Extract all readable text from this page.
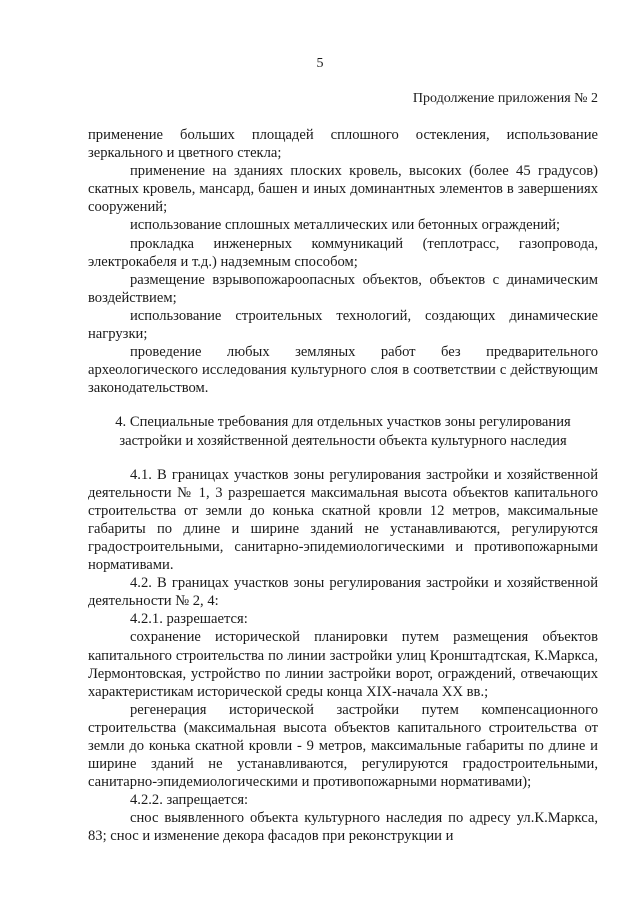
5
Продолжение приложения № 2

применение больших площадей сплошного остекления, использование зеркального и цветного стекла;

применение на зданиях плоских кровель, высоких (более 45 градусов) скатных кровель, мансард, башен и иных доминантных элементов в завершениях сооружений;

использование сплошных металлических или бетонных ограждений;

прокладка инженерных коммуникаций (теплотрасс, газопровода, электрокабеля и т.д.) надземным способом;

размещение взрывопожароопасных объектов, объектов с динамическим воздействием;

использование строительных технологий, создающих динамические нагрузки;

проведение любых земляных работ без предварительного археологического исследования культурного слоя в соответствии с действующим законодательством.

4. Специальные требования для отдельных участков зоны регулирования застройки и хозяйственной деятельности объекта культурного наследия

4.1. В границах участков зоны регулирования застройки и хозяйственной деятельности № 1, 3 разрешается максимальная высота объектов капитального строительства от земли до конька скатной кровли 12 метров, максимальные габариты по длине и ширине зданий не устанавливаются, регулируются градостроительными, санитарно-эпидемиологическими и противопожарными нормативами.

4.2. В границах участков зоны регулирования застройки и хозяйственной деятельности № 2, 4:

4.2.1. разрешается:

сохранение исторической планировки путем размещения объектов капитального строительства по линии застройки улиц Кронштадтская, К.Маркса, Лермонтовская, устройство по линии застройки ворот, ограждений, отвечающих характеристикам исторической среды конца XIX-начала XX вв.;

регенерация исторической застройки путем компенсационного строительства (максимальная высота объектов капитального строительства от земли до конька скатной кровли - 9 метров, максимальные габариты по длине и ширине зданий не устанавливаются, регулируются градостроительными, санитарно-эпидемиологическими и противопожарными нормативами);

4.2.2. запрещается:

снос выявленного объекта культурного наследия по адресу ул.К.Маркса, 83; снос и изменение декора фасадов при реконструкции и
